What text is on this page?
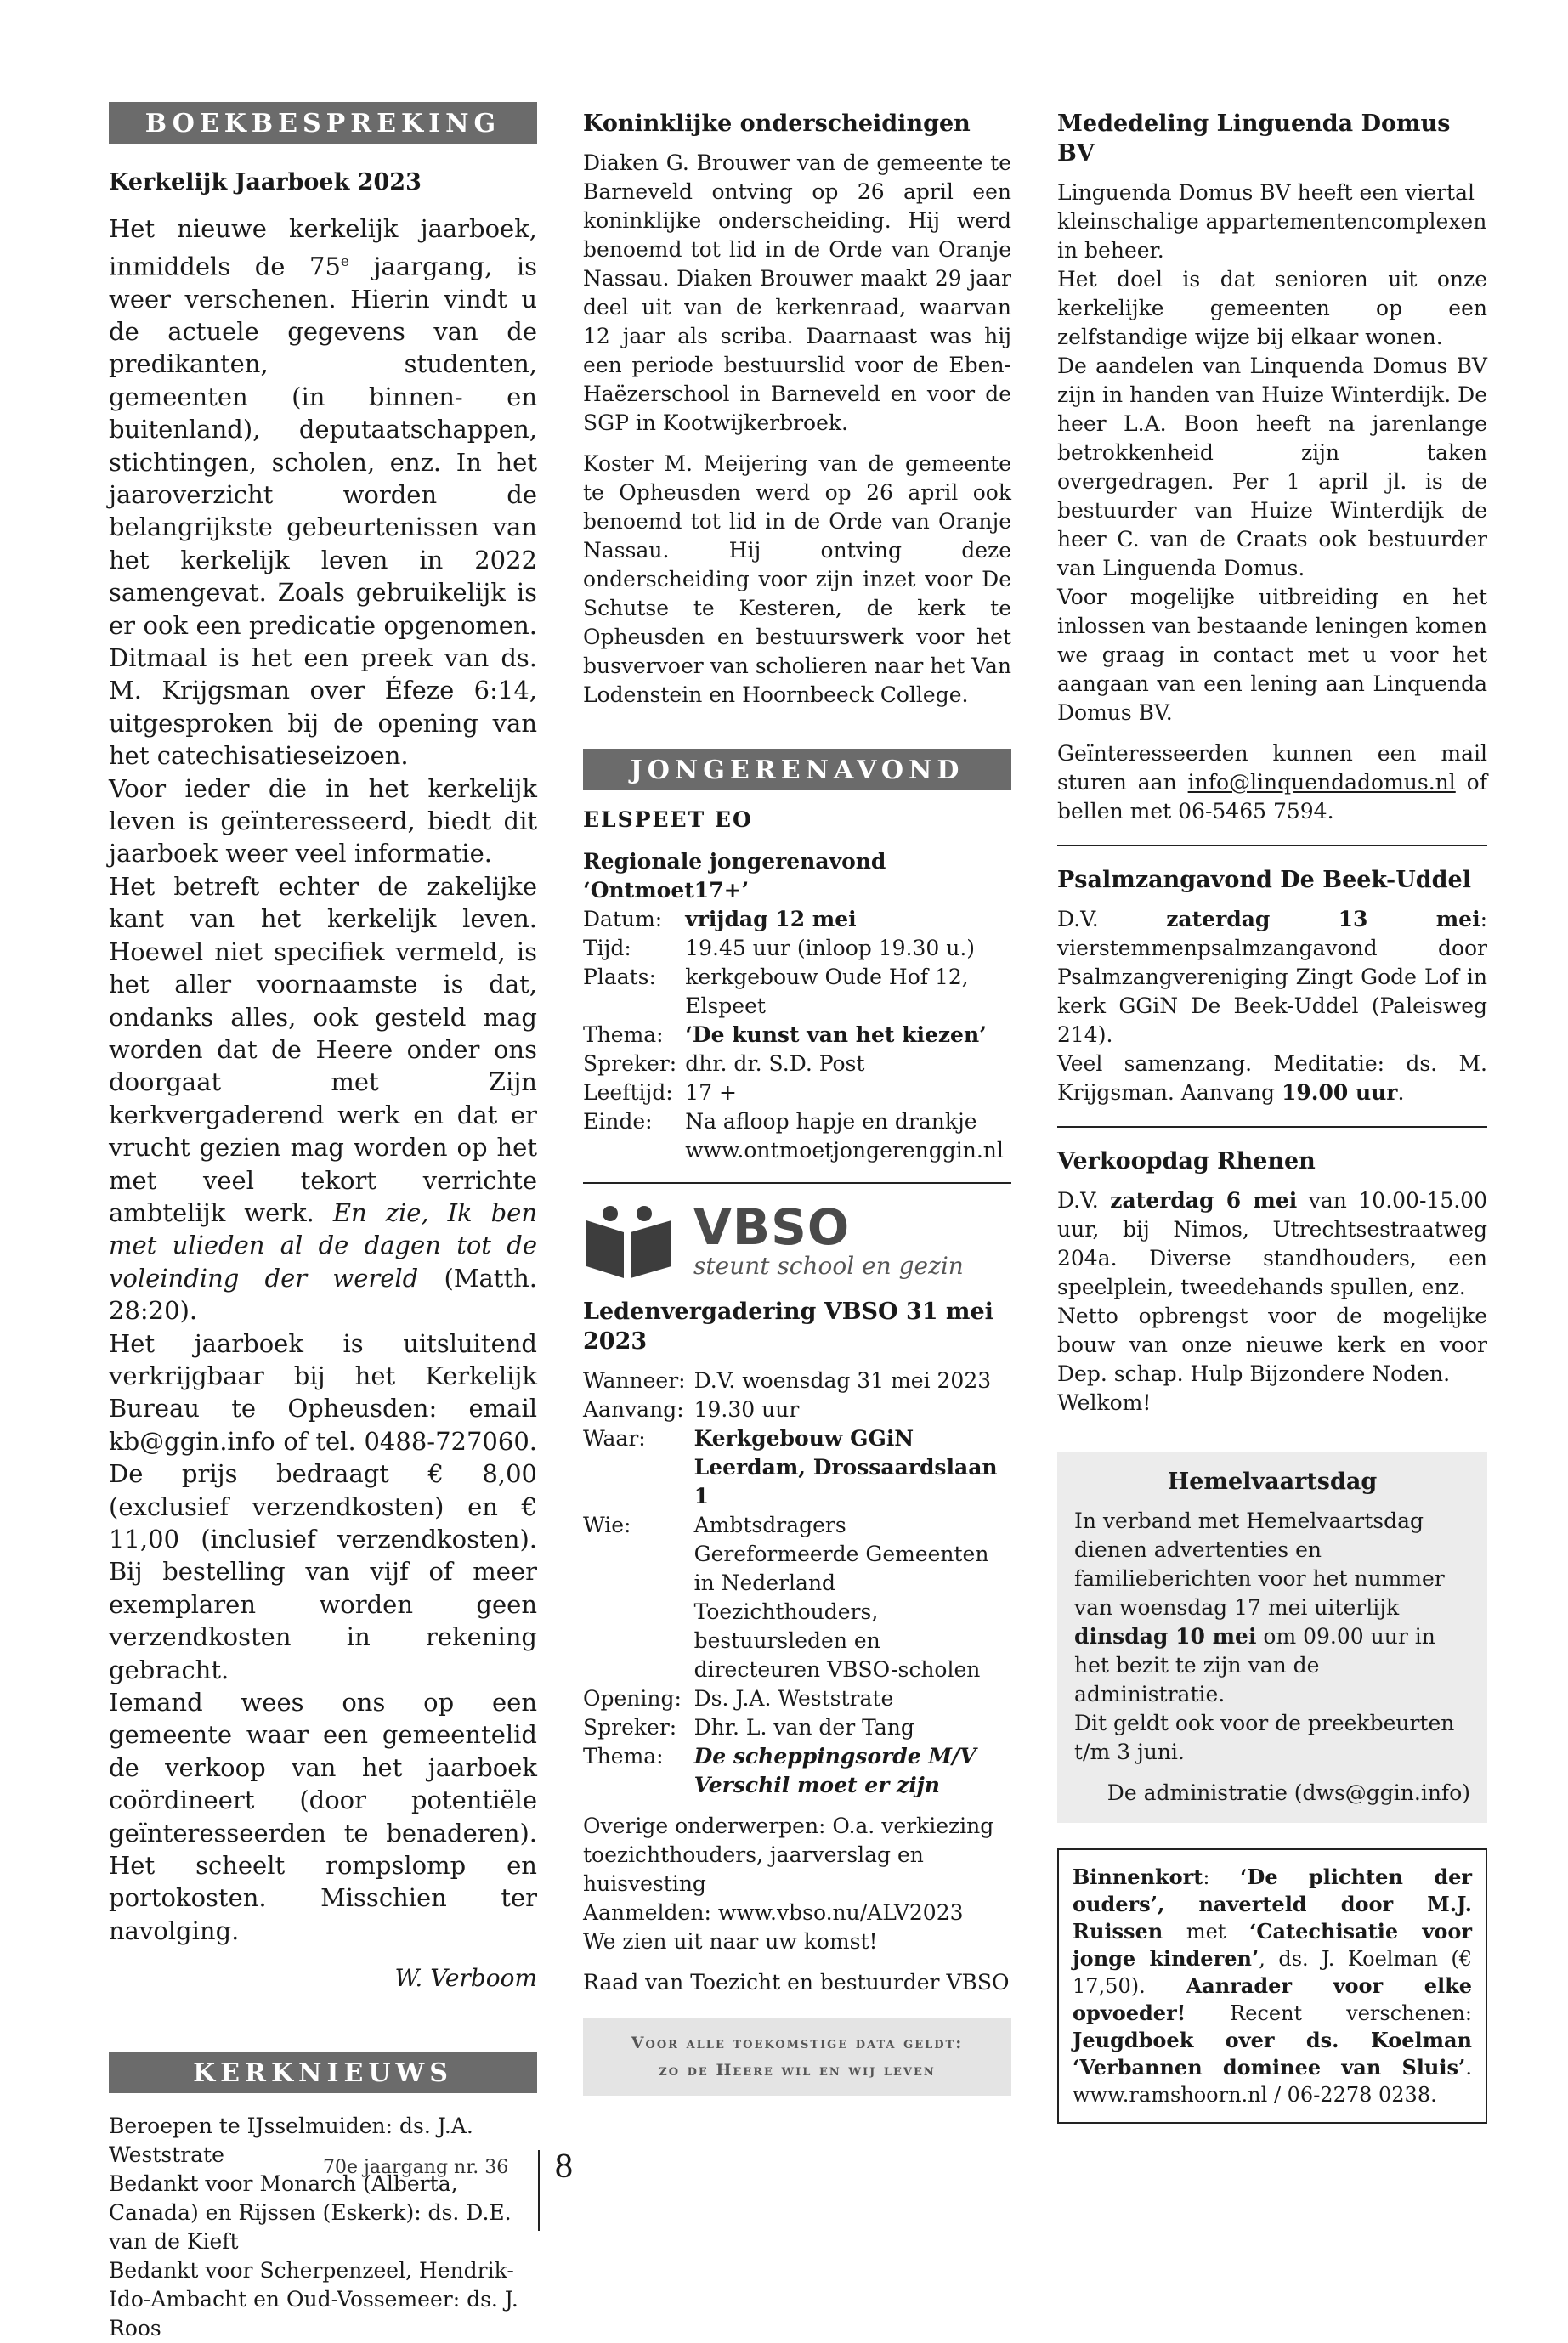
BOEKBESPREKING
Kerkelijk Jaarboek 2023

Het nieuwe kerkelijk jaarboek, inmiddels de 75e jaargang, is weer verschenen. Hierin vindt u de actuele gegevens van de predikanten, studenten, gemeenten (in binnen- en buitenland), deputaatschappen, stichtingen, scholen, enz. In het jaaroverzicht worden de belangrijkste gebeurtenissen van het kerkelijk leven in 2022 samengevat. Zoals gebruikelijk is er ook een predicatie opgenomen. Ditmaal is het een preek van ds. M. Krijgsman over Éfeze 6:14, uitgesproken bij de opening van het catechisatieseizoen.

Voor ieder die in het kerkelijk leven is geïnteresseerd, biedt dit jaarboek weer veel informatie.

Het betreft echter de zakelijke kant van het kerkelijk leven. Hoewel niet specifiek vermeld, is het aller voornaamste is dat, ondanks alles, ook gesteld mag worden dat de Heere onder ons doorgaat met Zijn kerkvergaderend werk en dat er vrucht gezien mag worden op het met veel tekort verrichte ambtelijk werk. En zie, Ik ben met ulieden al de dagen tot de voleinding der wereld (Matth. 28:20).

Het jaarboek is uitsluitend verkrijgbaar bij het Kerkelijk Bureau te Opheusden: email kb@ggin.info of tel. 0488-727060. De prijs bedraagt € 8,00 (exclusief verzendkosten) en € 11,00 (inclusief verzendkosten). Bij bestelling van vijf of meer exemplaren worden geen verzendkosten in rekening gebracht.

Iemand wees ons op een gemeente waar een gemeentelid de verkoop van het jaarboek coördineert (door potentiële geïnteresseerden te benaderen). Het scheelt rompslomp en portokosten. Misschien ter navolging.

W. Verboom
KERKNIEUWS

Beroepen te IJsselmuiden: ds. J.A. Weststrate

Bedankt voor Monarch (Alberta, Canada) en Rijssen (Eskerk): ds. D.E. van de Kieft

Bedankt voor Scherpenzeel, Hendrik-Ido-Ambacht en Oud-Vossemeer: ds. J. Roos

Koninklijke onderscheidingen

Diaken G. Brouwer van de gemeente te Barneveld ontving op 26 april een koninklijke onderscheiding. Hij werd benoemd tot lid in de Orde van Oranje Nassau. Diaken Brouwer maakt 29 jaar deel uit van de kerkenraad, waarvan 12 jaar als scriba. Daarnaast was hij een periode bestuurslid voor de Eben-Haëzerschool in Barneveld en voor de SGP in Kootwijkerbroek.

Koster M. Meijering van de gemeente te Opheusden werd op 26 april ook benoemd tot lid in de Orde van Oranje Nassau. Hij ontving deze onderscheiding voor zijn inzet voor De Schutse te Kesteren, de kerk te Opheusden en bestuurswerk voor het busvervoer van scholieren naar het Van Lodenstein en Hoornbeeck College.

JONGERENAVOND
ELSPEET EO

Regionale jongerenavond ‘Ontmoet17+’

Datum:	vrijdag 12 mei
Tijd:	19.45 uur (inloop 19.30 u.)
Plaats:	kerkgebouw Oude Hof 12, Elspeet
Thema:	‘De kunst van het kiezen’
Spreker:	dhr. dr. S.D. Post
Leeftijd:	17 +
Einde:	Na afloop hapje en drankje www.ontmoetjongerenggin.nl
VBSO
steunt school en gezin
Ledenvergadering VBSO 31 mei 2023
Wanneer:	D.V. woensdag 31 mei 2023
Aanvang:	19.30 uur
Waar:	Kerkgebouw GGiN Leerdam, Drossaardslaan 1
Wie:	Ambtsdragers Gereformeerde Gemeenten in Nederland Toezichthouders, bestuursleden en directeuren VBSO-scholen
Opening:	Ds. J.A. Weststrate
Spreker:	Dhr. L. van der Tang
Thema:	De scheppingsorde M/V Verschil moet er zijn

Overige onderwerpen: O.a. verkiezing toezichthouders, jaarverslag en huisvesting

Aanmelden: www.vbso.nu/ALV2023

We zien uit naar uw komst!

Raad van Toezicht en bestuurder VBSO

Voor alle toekomstige data geldt:
zo de Heere wil en wij leven
Mededeling Linguenda Domus BV

Linguenda Domus BV heeft een viertal kleinschalige appartementencomplexen in beheer.

Het doel is dat senioren uit onze kerkelijke gemeenten op een zelfstandige wijze bij elkaar wonen.

De aandelen van Linquenda Domus BV zijn in handen van Huize Winterdijk. De heer L.A. Boon heeft na jarenlange betrokkenheid zijn taken overgedragen. Per 1 april jl. is de bestuurder van Huize Winterdijk de heer C. van de Craats ook bestuurder van Linguenda Domus.

Voor mogelijke uitbreiding en het inlossen van bestaande leningen komen we graag in contact met u voor het aangaan van een lening aan Linquenda Domus BV.

Geïnteresseerden kunnen een mail sturen aan info@linquendadomus.nl of bellen met 06-5465 7594.

Psalmzangavond De Beek-Uddel

D.V. zaterdag 13 mei: vierstemmenpsalmzangavond door Psalmzangvereniging Zingt Gode Lof in kerk GGiN De Beek-Uddel (Paleisweg 214).

Veel samenzang. Meditatie: ds. M. Krijgsman. Aanvang 19.00 uur.

Verkoopdag Rhenen

D.V. zaterdag 6 mei van 10.00-15.00 uur, bij Nimos, Utrechtsestraatweg 204a. Diverse standhouders, een speelplein, tweedehands spullen, enz.

Netto opbrengst voor de mogelijke bouw van onze nieuwe kerk en voor Dep. schap. Hulp Bijzondere Noden.

Welkom!

Hemelvaartsdag

In verband met Hemelvaartsdag dienen advertenties en familieberichten voor het nummer van woensdag 17 mei uiterlijk dinsdag 10 mei om 09.00 uur in het bezit te zijn van de administratie.

Dit geldt ook voor de preekbeurten t/m 3 juni.

De administratie (dws@ggin.info)

Binnenkort: ‘De plichten der ouders’, naverteld door M.J. Ruissen met ‘Catechisatie voor jonge kinderen’, ds. J. Koelman (€ 17,50). Aanrader voor elke opvoeder! Recent verschenen: Jeugdboek over ds. Koelman ‘Verbannen dominee van Sluis’. www.ramshoorn.nl / 06-2278 0238.

70e jaargang nr. 36 8
